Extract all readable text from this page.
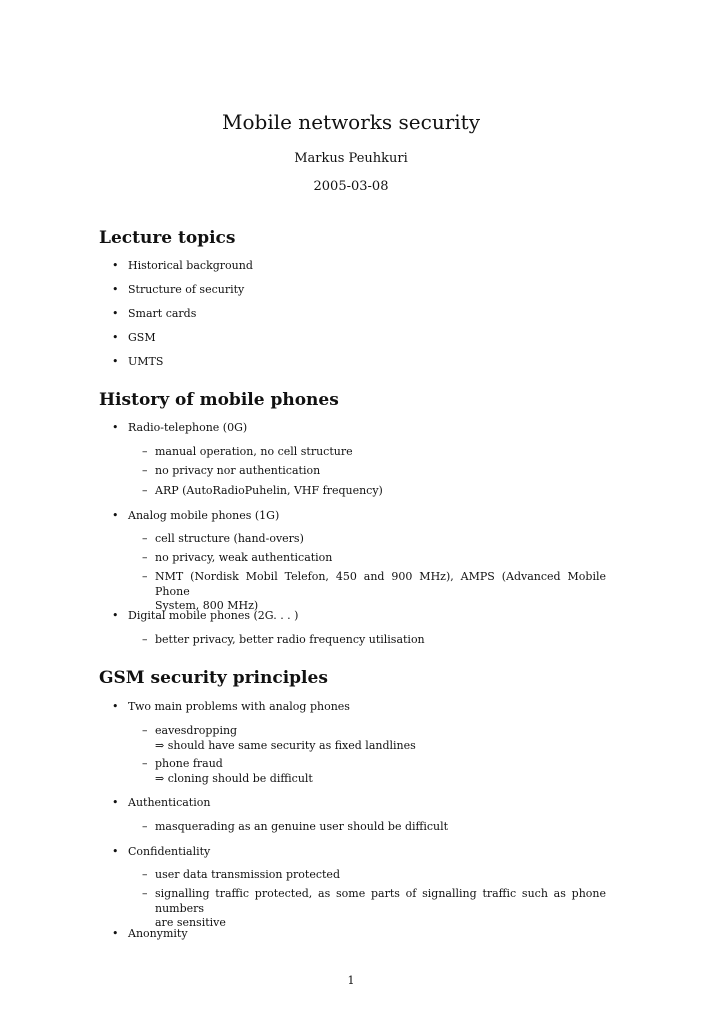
Mobile networks security
Markus Peuhkuri
2005-03-08
Lecture topics
• Historical background
• Structure of security
• Smart cards
• GSM
• UMTS
History of mobile phones
• Radio-telephone (0G)
– manual operation, no cell structure
– no privacy nor authentication
– ARP (AutoRadioPuhelin, VHF frequency)
• Analog mobile phones (1G)
– cell structure (hand-overs)
– no privacy, weak authentication
– NMT (Nordisk Mobil Telefon, 450 and 900 MHz), AMPS (Advanced Mobile Phone
System, 800 MHz)
• Digital mobile phones (2G. . . )
– better privacy, better radio frequency utilisation
GSM security principles
• Two main problems with analog phones
– eavesdropping
⇒ should have same security as fixed landlines
– phone fraud
⇒ cloning should be difficult
• Authentication
– masquerading as an genuine user should be difficult
• Confidentiality
– user data transmission protected
– signalling traffic protected, as some parts of signalling traffic such as phone numbers
are sensitive
• Anonymity
1
